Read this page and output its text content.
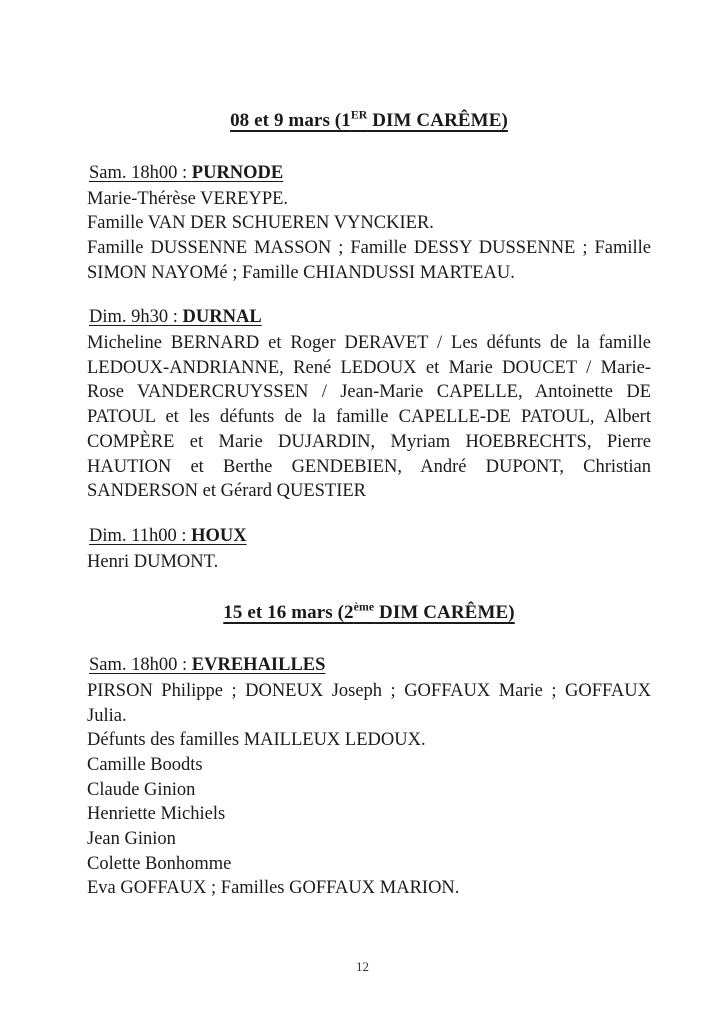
08 et 9 mars (1ER DIM CARÊME)
Sam. 18h00 : PURNODE
Marie-Thérèse VEREYPE.
Famille VAN DER SCHUEREN VYNCKIER.
Famille DUSSENNE MASSON ; Famille DESSY DUSSENNE ; Famille SIMON NAYOMé ; Famille CHIANDUSSI MARTEAU.
Dim. 9h30 : DURNAL
Micheline BERNARD et Roger DERAVET / Les défunts de la famille LEDOUX-ANDRIANNE, René LEDOUX et Marie DOUCET / Marie-Rose VANDERCRUYSSEN / Jean-Marie CAPELLE, Antoinette DE PATOUL et les défunts de la famille CAPELLE-DE PATOUL, Albert COMPÈRE et Marie DUJARDIN, Myriam HOEBRECHTS, Pierre HAUTION et Berthe GENDEBIEN, André DUPONT, Christian SANDERSON et Gérard QUESTIER
Dim. 11h00 : HOUX
Henri DUMONT.
15 et 16 mars (2ème DIM CARÊME)
Sam. 18h00 : EVREHAILLES
PIRSON Philippe ; DONEUX Joseph ; GOFFAUX Marie ; GOFFAUX Julia.
Défunts des familles MAILLEUX LEDOUX.
Camille Boodts
Claude Ginion
Henriette Michiels
Jean Ginion
Colette Bonhomme
Eva GOFFAUX ; Familles GOFFAUX MARION.
12
